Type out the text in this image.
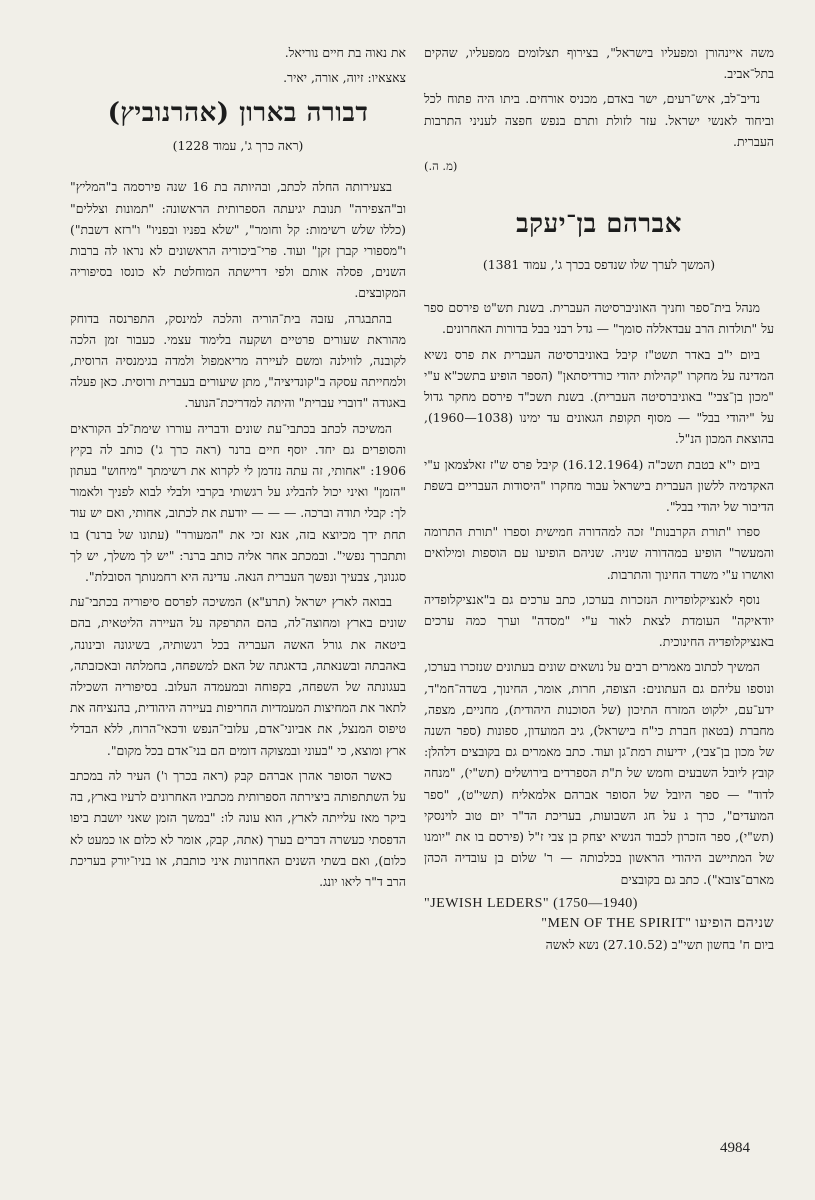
משה איינהורן ומפעליו בישראל", בצירוף תצלומים ממפעליו, שהקים בתל־אביב.

נדיב־לב, איש־רעים, ישר באדם, מכניס אורחים. ביתו היה פתוח לכל וביחוד לאנשי ישראל. עזר לזולת ותרם בנפש חפצה לעניני התרבות העברית.

(מ. ה.)
אברהם בן־יעקב
(המשך לערך שלו שנדפס בכרך ג', עמוד 1381)

מנהל בית־ספר וחניך האוניברסיטה העברית. בשנת תש"ט פירסם ספר על "תולדות הרב עבדאללה סומך" — גדל רבני בבל בדורות האחרונים.

ביום י"ב באדר תשט"ז קיבל באוניברסיטה העברית את פרס נשיא המדינה על מחקרו "קהילות יהודי כורדיסתאן" (הספר הופיע בתשכ"א ע"י "מכון בן־צבי" באוניברסיטה העברית). בשנת תשכ"ד פירסם מחקר גדול על "יהודי בבל" — מסוף תקופת הגאונים עד ימינו (1038—1960), בהוצאת המכון הנ"ל.

ביום י"א בטבת תשכ"ה (16.12.1964) קיבל פרס ש"ז זאלצמאן ע"י האקדמיה ללשון העברית בישראל עבור מחקרו "היסודות העבריים בשפת הדיבור של יהודי בבל".

ספרו "תורת הקרבנות" זכה למהדורה חמישית וספרו "תורת התרומה והמעשר" הופיע במהדורה שניה. שניהם הופיעו עם הוספות ומילואים ואושרו ע"י משרד החינוך והתרבות.

נוסף לאנציקלופדיות הנזכרות בערכו, כתב ערכים גם ב"אנציקלופדיה יודאיקה" העומדת לצאת לאור ע"י "מסדה" וערך כמה ערכים באנציקלופדיה החינוכית.

המשיך לכתוב מאמרים רבים על נושאים שונים בעתונים שנזכרו בערכו, ונוספו עליהם גם העתונים: הצופה, חרות, אומר, החינוך, בשדה־חמ"ד, ידע־עם, ילקוט המזרח התיכון (של הסוכנות היהודית), מחניים, מצפה, מחברת (בטאון חברת כי"ח בישראל), גיב המועדון, ספונות (ספר השנה של מכון בן־צבי), ידיעות רמת־גן ועוד. כתב מאמרים גם בקובצים דלהלן: קובץ ליובל השבעים וחמש של ת"ת הספרדים בירושלים (תש"י), "מנחה לדוד" — ספר היובל של הסופר אברהם אלמאליח (תשי"ט), "ספר המועדים", כרך ג על חג השבועות, בעריכת הד"ר יום טוב לוינסקי (תש"י), ספר הזכרון לכבוד הנשיא יצחק בן צבי ז"ל (פירסם בו את "יומנו של המתיישב היהודי הראשון בכלכותה — ר' שלום בן עובדיה הכהן מארם־צובא"). כתב גם בקובצים

"JEWISH LEDERS" (1750—1940)
"MEN OF THE SPIRIT" שניהם הופיעו

ביום ח' בחשון תשי"ב (27.10.52) נשא לאשה

את נאוה בת חיים נוריאל.

צאצאיו: זיוה, אורה, יאיר.

דבורה בארון (אהרנוביץ)
(ראה כרך ג', עמוד 1228)

בצעירותה החלה לכתב, ובהיותה בת 16 שנה פירסמה ב"המליץ" וב"הצפירה" תנובת יגיעתה הספרותית הראשונה: "תמונות וצללים" (כללו שלש רשימות: קל וחומר", "שלא בפניו ובפניו" ו"רזא דשבת") ו"מספורי קברן זקן" ועוד. פרי־ביכוריה הראשונים לא נראו לה ברבות השנים, פסלה אותם ולפי דרישתה המוחלטת לא כונסו בסיפוריה המקובצים.

בהתבגרה, עזבה בית־הוריה והלכה למינסק, התפרנסה בדוחק מהוראת שעורים פרטיים ושקעה בלימוד עצמי. כעבור זמן הלכה לקובנה, לווילנה ומשם לעיירה מריאמפול ולמדה בגימנסיה הרוסית, ולמחייתה עסקה ב"קונדיציה", מתן שיעורים בעברית ורוסית. כאן פעלה באגודה "דוברי עברית" והיתה למדריכת־הנוער.

המשיכה לכתב בכתבי־עת שונים ודבריה עוררו שימת־לב הקוראים והסופרים גם יחד. יוסף חיים ברנר (ראה כרך ג') כותב לה בקיץ 1906: "אחותי, זה עתה נזדמן לי לקרוא את רשימתך "מיחוש" בעתון "הזמן" ואיני יכול להבליג על רגשותי בקרבי ולבלי לבוא לפניך ולאמור לך: קבלי תודה וברכה. — — — יודעת את לכתוב, אחותי, ואם יש עוד תחת ידך מכיוצא בזה, אנא זכי את "המעורר" (עתונו של ברנר) בו ותתברך נפשי". ובמכתב אחר אליה כותב ברנר: "יש לך משלך, יש לך סגנונך, צבעיך ונפשך העברית הנאה. עדינה היא רחמנותך הסובלת".

בבואה לארץ ישראל (תרע"א) המשיכה לפרסם סיפוריה בכתבי־עת שונים בארץ ומחוצה־לה, בהם התרפקה על העיירה הליטאית, בהם ביטאה את גורל האשה העבריה בכל רגשותיה, בשיגונה ובינונה, באהבתה ובשנאתה, בדאגתה של האם למשפחה, בחמלתה ובאכזבתה, בעגונתה של השפחה, בקפוחה ובמעמדה העלוב. בסיפוריה השכילה לתאר את המחיצות המעמדיות החריפות בעיירה היהודית, בהנציחה את טיפוס המנצל, את אביוני־אדם, עלובי־הנפש ודכאי־הרוח, ללא הבדלי ארץ ומוצא, כי "בעוני ובמצוקה דומים הם בני־אדם בכל מקום".

כאשר הסופר אהרן אברהם קבק (ראה בכרך ו') העיר לה במכתב על השתתפותה ביצירתה הספרותית מכתביו האחרונים לרעיו בארץ, בה ביקר מאז עלייתה לארץ, הוא עונה לו: "במשך הזמן שאני יושבת ביפו הדפסתי כעשרה דברים בערך (אתה, קבק, אומר לא כלום או כמעט לא כלום), ואם בשתי השנים האחרונות איני כותבת, או בניו־יורק בעריכת הרב ד"ר ליאו יונג.

4984
